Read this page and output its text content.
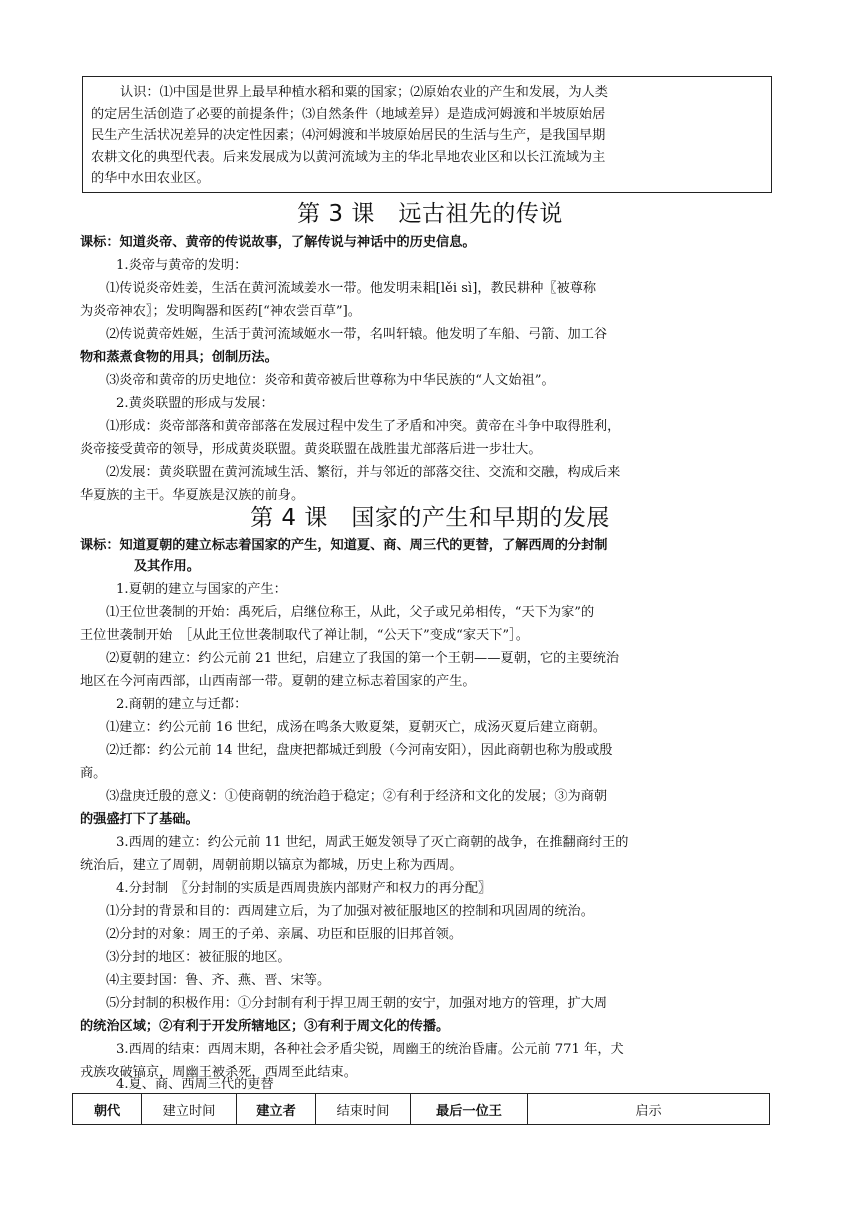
认识：⑴中国是世界上最早种植水稻和粟的国家；⑵原始农业的产生和发展，为人类

的定居生活创造了必要的前提条件；⑶自然条件（地域差异）是造成河姆渡和半坡原始居
民生产生活状况差异的决定性因素；⑷河姆渡和半坡原始居民的生活与生产，是我国早期
农耕文化的典型代表。后来发展成为以黄河流域为主的华北旱地农业区和以长江流域为主
的华中水田农业区。
第 3 课　远古祖先的传说
课标：知道炎帝、黄帝的传说故事，了解传说与神话中的历史信息。
1.炎帝与黄帝的发明：
⑴传说炎帝姓姜，生活在黄河流域姜水一带。他发明耒耜[lěi sì]，教民耕种〖被尊称
为炎帝神农〗；发明陶器和医药[“神农尝百草”]。
⑵传说黄帝姓姬，生活于黄河流域姬水一带，名叫轩辕。他发明了车船、弓箭、加工谷
物和蒸煮食物的用具；创制历法。
⑶炎帝和黄帝的历史地位：炎帝和黄帝被后世尊称为中华民族的“人文始祖”。
2.黄炎联盟的形成与发展：
⑴形成：炎帝部落和黄帝部落在发展过程中发生了矛盾和冲突。黄帝在斗争中取得胜利，
炎帝接受黄帝的领导，形成黄炎联盟。黄炎联盟在战胜蚩尤部落后进一步壮大。
⑵发展：黄炎联盟在黄河流域生活、繁衍，并与邻近的部落交往、交流和交融，构成后来
华夏族的主干。华夏族是汉族的前身。
第 4 课　国家的产生和早期的发展
课标：知道夏朝的建立标志着国家的产生，知道夏、商、周三代的更替，了解西周的分封制
及其作用。
1.夏朝的建立与国家的产生：
⑴王位世袭制的开始：禹死后，启继位称王，从此，父子或兄弟相传，“天下为家”的
王位世袭制开始　［从此王位世袭制取代了禅让制，“公天下”变成“家天下”］。
⑵夏朝的建立：约公元前 21 世纪，启建立了我国的第一个王朝——夏朝，它的主要统治
地区在今河南西部，山西南部一带。夏朝的建立标志着国家的产生。
2.商朝的建立与迁都：
⑴建立：约公元前 16 世纪，成汤在鸣条大败夏桀，夏朝灭亡，成汤灭夏后建立商朝。
⑵迁都：约公元前 14 世纪，盘庚把都城迁到殷（今河南安阳），因此商朝也称为殷或殷
商。
⑶盘庚迁殷的意义：①使商朝的统治趋于稳定；②有利于经济和文化的发展；③为商朝
的强盛打下了基础。
3.西周的建立：约公元前 11 世纪，周武王姬发领导了灭亡商朝的战争，在推翻商纣王的
统治后，建立了周朝，周朝前期以镐京为都城，历史上称为西周。
4.分封制　〖分封制的实质是西周贵族内部财产和权力的再分配〗
⑴分封的背景和目的：西周建立后，为了加强对被征服地区的控制和巩固周的统治。
⑵分封的对象：周王的子弟、亲属、功臣和臣服的旧邦首领。
⑶分封的地区：被征服的地区。
⑷主要封国：鲁、齐、燕、晋、宋等。
⑸分封制的积极作用：①分封制有利于捍卫周王朝的安宁，加强对地方的管理，扩大周
的统治区域；②有利于开发所辖地区；③有利于周文化的传播。
3.西周的结束：西周末期，各种社会矛盾尖锐，周幽王的统治昏庸。公元前 771 年，犬
戎族攻破镐京，周幽王被杀死，西周至此结束。
朝代	建立时间	建立者	结束时间	最后一位王	启示
4.夏、商、西周三代的更替
